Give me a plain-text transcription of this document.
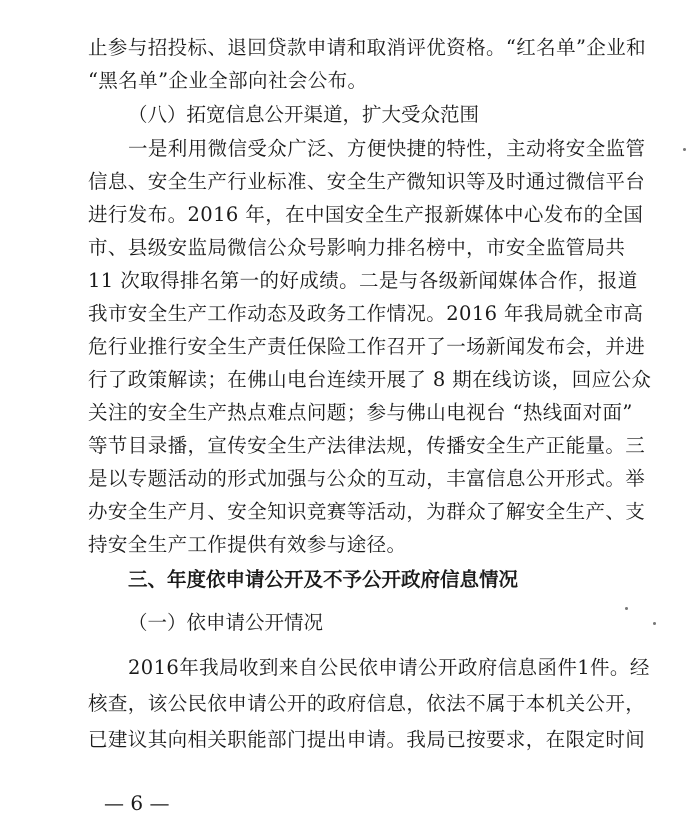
止参与招投标、退回贷款申请和取消评优资格。“红名单”企业和
“黑名单”企业全部向社会公布。
（八）拓宽信息公开渠道，扩大受众范围
一是利用微信受众广泛、方便快捷的特性，主动将安全监管
信息、安全生产行业标准、安全生产微知识等及时通过微信平台
进行发布。2016 年，在中国安全生产报新媒体中心发布的全国
市、县级安监局微信公众号影响力排名榜中，市安全监管局共
11 次取得排名第一的好成绩。二是与各级新闻媒体合作，报道
我市安全生产工作动态及政务工作情况。2016 年我局就全市高
危行业推行安全生产责任保险工作召开了一场新闻发布会，并进
行了政策解读；在佛山电台连续开展了 8 期在线访谈，回应公众
关注的安全生产热点难点问题；参与佛山电视台 “热线面对面”
等节目录播，宣传安全生产法律法规，传播安全生产正能量。三
是以专题活动的形式加强与公众的互动，丰富信息公开形式。举
办安全生产月、安全知识竞赛等活动，为群众了解安全生产、支
持安全生产工作提供有效参与途径。
三、年度依申请公开及不予公开政府信息情况
（一）依申请公开情况
2016年我局收到来自公民依申请公开政府信息函件1件。经
核查，该公民依申请公开的政府信息，依法不属于本机关公开，
已建议其向相关职能部门提出申请。我局已按要求，在限定时间
— 6 —
